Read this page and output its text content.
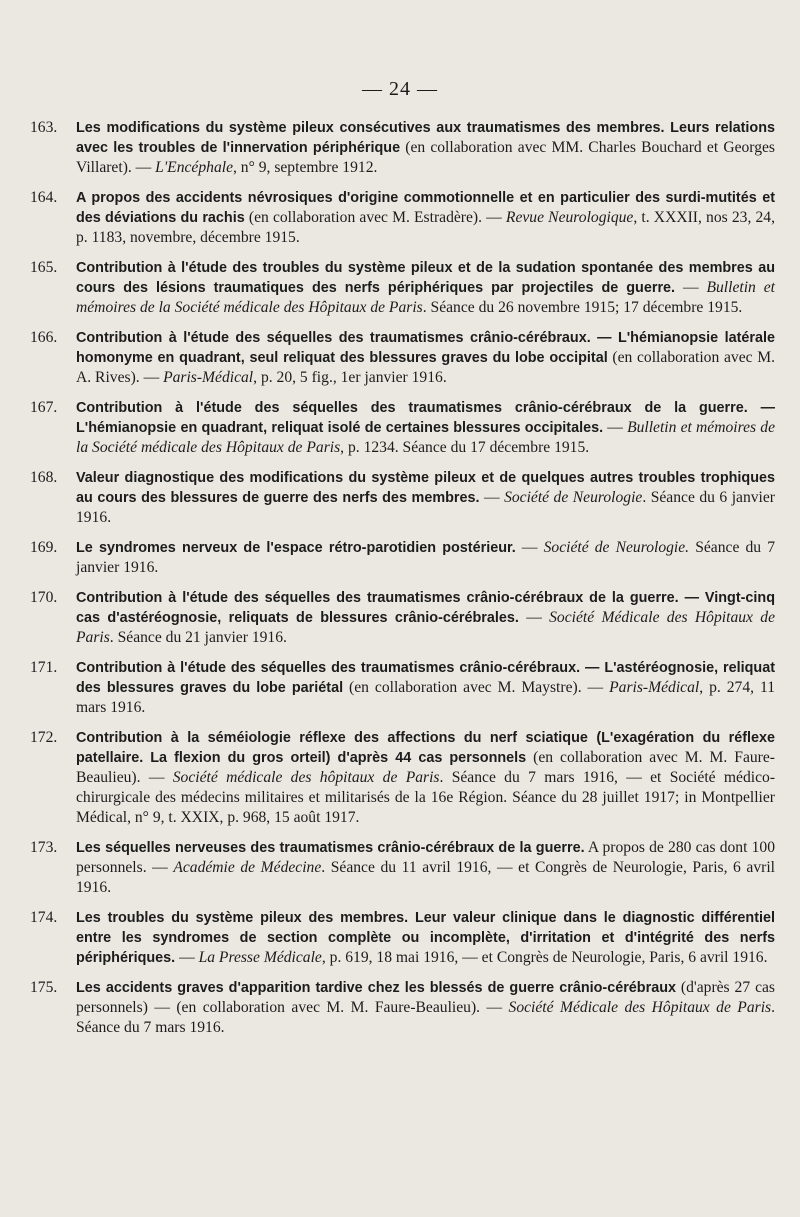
— 24 —
163.	Les modifications du système pileux consécutives aux traumatismes des membres. Leurs relations avec les troubles de l'innervation périphérique (en collaboration avec MM. Charles Bouchard et Georges Villaret). — L'Encéphale, n° 9, septembre 1912.
164.	A propos des accidents névrosiques d'origine commotionnelle et en particulier des surdi-mutités et des déviations du rachis (en collaboration avec M. Estradère). — Revue Neurologique, t. XXXII, nos 23, 24, p. 1183, novembre, décembre 1915.
165.	Contribution à l'étude des troubles du système pileux et de la sudation spontanée des membres au cours des lésions traumatiques des nerfs périphériques par projectiles de guerre. — Bulletin et mémoires de la Société médicale des Hôpitaux de Paris. Séance du 26 novembre 1915; 17 décembre 1915.
166.	Contribution à l'étude des séquelles des traumatismes crânio-cérébraux. — L'hémianopsie latérale homonyme en quadrant, seul reliquat des blessures graves du lobe occipital (en collaboration avec M. A. Rives). — Paris-Médical, p. 20, 5 fig., 1er janvier 1916.
167.	Contribution à l'étude des séquelles des traumatismes crânio-cérébraux de la guerre. — L'hémianopsie en quadrant, reliquat isolé de certaines blessures occipitales. — Bulletin et mémoires de la Société médicale des Hôpitaux de Paris, p. 1234. Séance du 17 décembre 1915.
168.	Valeur diagnostique des modifications du système pileux et de quelques autres troubles trophiques au cours des blessures de guerre des nerfs des membres. — Société de Neurologie. Séance du 6 janvier 1916.
169.	Le syndromes nerveux de l'espace rétro-parotidien postérieur. — Société de Neurologie. Séance du 7 janvier 1916.
170.	Contribution à l'étude des séquelles des traumatismes crânio-cérébraux de la guerre. — Vingt-cinq cas d'astéréognosie, reliquats de blessures crânio-cérébrales. — Société Médicale des Hôpitaux de Paris. Séance du 21 janvier 1916.
171.	Contribution à l'étude des séquelles des traumatismes crânio-cérébraux. — L'astéréognosie, reliquat des blessures graves du lobe pariétal (en collaboration avec M. Maystre). — Paris-Médical, p. 274, 11 mars 1916.
172.	Contribution à la séméiologie réflexe des affections du nerf sciatique (L'exagération du réflexe patellaire. La flexion du gros orteil) d'après 44 cas personnels (en collaboration avec M. M. Faure-Beaulieu). — Société médicale des hôpitaux de Paris. Séance du 7 mars 1916, — et Société médico-chirurgicale des médecins militaires et militarisés de la 16e Région. Séance du 28 juillet 1917; in Montpellier Médical, n° 9, t. XXIX, p. 968, 15 août 1917.
173.	Les séquelles nerveuses des traumatismes crânio-cérébraux de la guerre. A propos de 280 cas dont 100 personnels. — Académie de Médecine. Séance du 11 avril 1916, — et Congrès de Neurologie, Paris, 6 avril 1916.
174.	Les troubles du système pileux des membres. Leur valeur clinique dans le diagnostic différentiel entre les syndromes de section complète ou incomplète, d'irritation et d'intégrité des nerfs périphériques. — La Presse Médicale, p. 619, 18 mai 1916, — et Congrès de Neurologie, Paris, 6 avril 1916.
175.	Les accidents graves d'apparition tardive chez les blessés de guerre crânio-cérébraux (d'après 27 cas personnels) — (en collaboration avec M. M. Faure-Beaulieu). — Société Médicale des Hôpitaux de Paris. Séance du 7 mars 1916.
